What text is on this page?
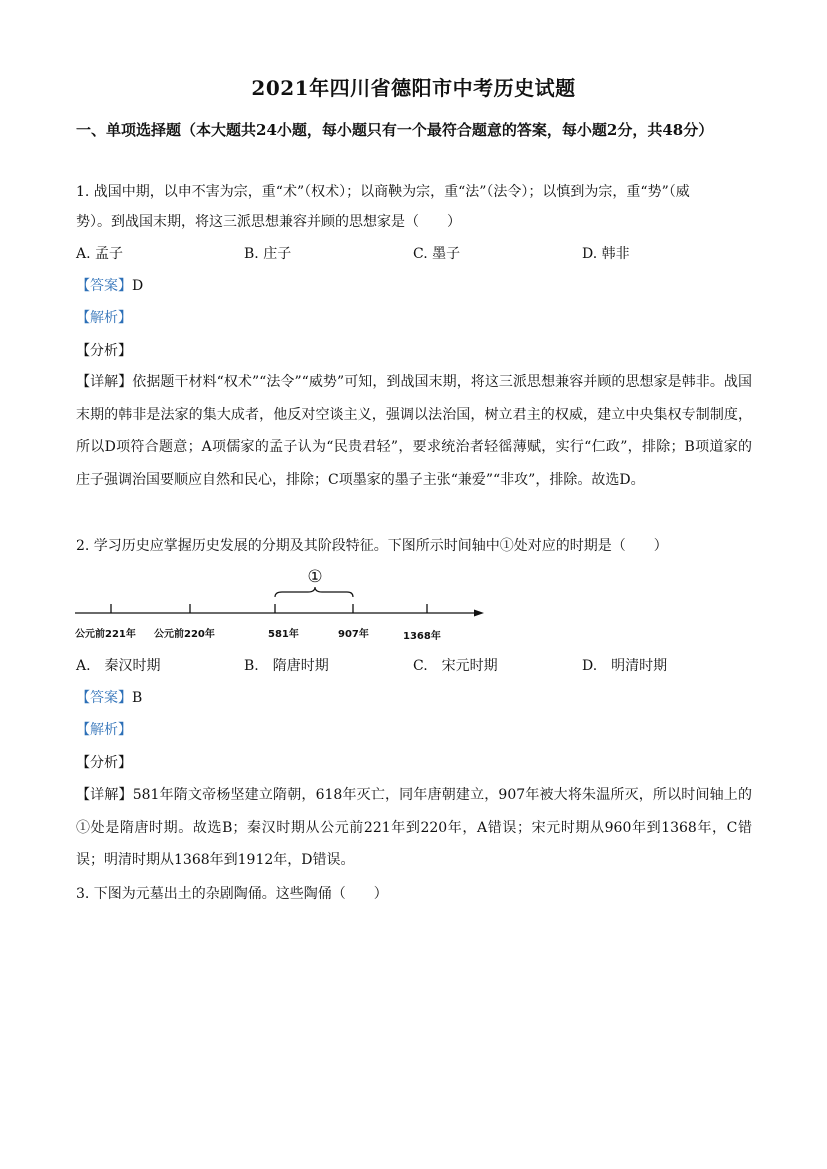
2021年四川省德阳市中考历史试题
一、单项选择题（本大题共24小题，每小题只有一个最符合题意的答案，每小题2分，共48分）
1. 战国中期，以申不害为宗，重“术”（权术）；以商鞅为宗，重“法”（法令）；以慎到为宗，重“势”（威
势）。到战国末期，将这三派思想兼容并顾的思想家是（　　）
A. 孟子	B. 庄子	C. 墨子	D. 韩非
【答案】D
【解析】
【分析】
【详解】依据题干材料“权术”“法令”“威势”可知，到战国末期，将这三派思想兼容并顾的思想家是韩非。战国末期的韩非是法家的集大成者，他反对空谈主义，强调以法治国，树立君主的权威，建立中央集权专制制度，所以D项符合题意；A项儒家的孟子认为“民贵君轻”，要求统治者轻徭薄赋，实行“仁政”，排除；B项道家的庄子强调治国要顺应自然和民心，排除；C项墨家的墨子主张“兼爱”“非攻”，排除。故选D。
2. 学习历史应掌握历史发展的分期及其阶段特征。下图所示时间轴中①处对应的时期是（　　）
①
公元前221年 公元前220年	581年	907年	1368年
A.　秦汉时期	B.　隋唐时期	C.　宋元时期	D.　明清时期
【答案】B
【解析】
【分析】
【详解】581年隋文帝杨坚建立隋朝，618年灭亡，同年唐朝建立，907年被大将朱温所灭，所以时间轴上的①处是隋唐时期。故选B；秦汉时期从公元前221年到220年，A错误；宋元时期从960年到1368年，C错误；明清时期从1368年到1912年，D错误。
3. 下图为元墓出土的杂剧陶俑。这些陶俑（　　）
